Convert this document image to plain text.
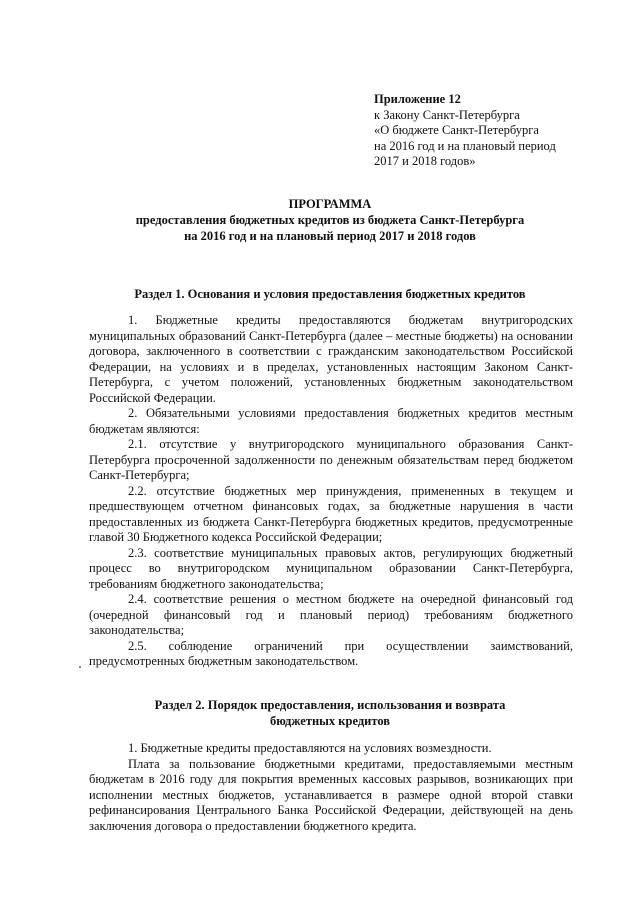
Приложение 12
к Закону Санкт-Петербурга
«О бюджете Санкт-Петербурга
на 2016 год и на плановый период
2017 и 2018 годов»
ПРОГРАММА
предоставления бюджетных кредитов из бюджета Санкт-Петербурга
на 2016 год и на плановый период 2017 и 2018 годов
Раздел 1. Основания и условия предоставления бюджетных кредитов

1. Бюджетные кредиты предоставляются бюджетам внутригородских муниципальных образований Санкт-Петербурга (далее – местные бюджеты) на основании договора, заключенного в соответствии с гражданским законодательством Российской Федерации, на условиях и в пределах, установленных настоящим Законом Санкт-Петербурга, с учетом положений, установленных бюджетным законодательством Российской Федерации.

2. Обязательными условиями предоставления бюджетных кредитов местным бюджетам являются:

2.1. отсутствие у внутригородского муниципального образования Санкт-Петербурга просроченной задолженности по денежным обязательствам перед бюджетом Санкт-Петербурга;

2.2. отсутствие бюджетных мер принуждения, примененных в текущем и предшествующем отчетном финансовых годах, за бюджетные нарушения в части предоставленных из бюджета Санкт-Петербурга бюджетных кредитов, предусмотренные главой 30 Бюджетного кодекса Российской Федерации;

2.3. соответствие муниципальных правовых актов, регулирующих бюджетный процесс во внутригородском муниципальном образовании Санкт-Петербурга, требованиям бюджетного законодательства;

2.4. соответствие решения о местном бюджете на очередной финансовый год (очередной финансовый год и плановый период) требованиям бюджетного законодательства;

2.5. соблюдение ограничений при осуществлении заимствований, предусмотренных бюджетным законодательством.

Раздел 2. Порядок предоставления, использования и возврата
бюджетных кредитов

1. Бюджетные кредиты предоставляются на условиях возмездности.

Плата за пользование бюджетными кредитами, предоставляемыми местным бюджетам в 2016 году для покрытия временных кассовых разрывов, возникающих при исполнении местных бюджетов, устанавливается в размере одной второй ставки рефинансирования Центрального Банка Российской Федерации, действующей на день заключения договора о предоставлении бюджетного кредита.
